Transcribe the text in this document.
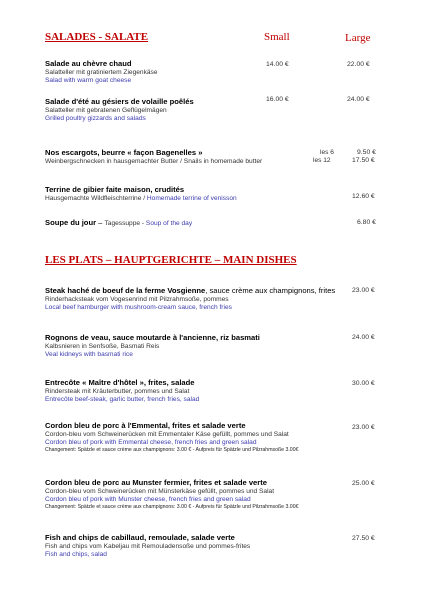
SALADES - SALATE	Small	Large
Salade au chèvre chaud
Salatteller mit gratiniertem Ziegenkäse
Salad with warm goat cheese
14.00 €	22.00 €
Salade d'été au gésiers de volaille poêlés
Salatteller mit gebratenen Geflügelmägen
Grilled poultry gizzards and salads
16.00 €	24.00 €
Nos escargots, beurre « façon Bagenelles »
Weinbergschnecken in hausgemachter Butter / Snails in homemade butter
les 6	9.50 €
les 12	17.50 €
Terrine de gibier faite maison, crudités
Hausgemachte Wildfleischterrine / Homemade terrine of venisson	12.60 €
Soupe du jour – Tagessuppe - Soup of the day	6.80 €
LES PLATS – HAUPTGERICHTE – MAIN DISHES
Steak haché de boeuf de la ferme Vosgienne, sauce crème aux champignons, frites
Rinderhacksteak vom Vogesenrind mit Pilzrahmsoße, pommes
Local beef hamburger with mushroom-cream sauce, french fries
23.00 €
Rognons de veau, sauce moutarde à l'ancienne, riz basmati
Kalbsnieren in Senfsoße, Basmati Reis
Veal kidneys with basmati rice
24.00 €
Entrecôte « Maître d'hôtel », frites, salade
Rindersteak mit Kräuterbutter, pommes und Salat
Entrecôte beef-steak, garlic butter, french fries, salad
30.00 €
Cordon bleu de porc à l'Emmental, frites et salade verte
Cordon-bleu vom Schweinerücken mit Emmentaler Käse gefüllt, pommes und Salat
Cordon bleu of pork with Emmental cheese, french fries and green salad
Changement: Spätzle et sauce crème aux champignons: 3.00 € - Aufpreis für Spätzle und Pilzrahmsoße 3.00€
23.00 €
Cordon bleu de porc au Munster fermier, frites et salade verte
Cordon-bleu vom Schweinerücken mit Münsterkäse gefüllt, pommes und Salat
Cordon bleu of pork with Munster cheese, french fries and green salad
Changement: Spätzle et sauce crème aux champignons: 3.00 € - Aufpreis für Spätzle und Pilzrahmsoße 3.00€
25.00 €
Fish and chips de cabillaud, remoulade, salade verte
Fish and chips vom Kabeljau mit Remouladensoße und pommes-frites
Fish and chips, salad
27.50 €
